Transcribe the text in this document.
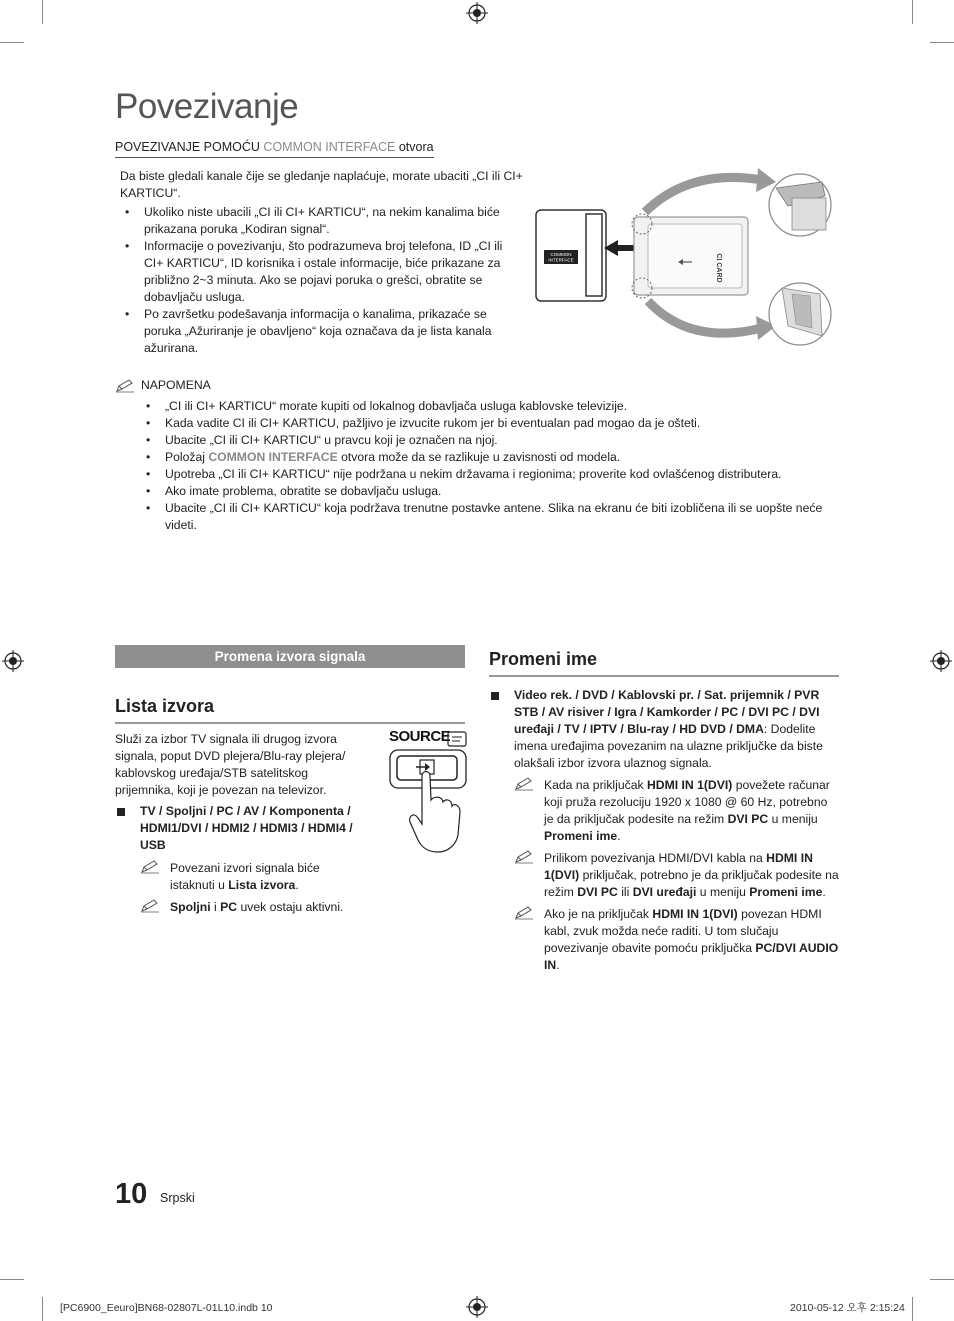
Povezivanje
POVEZIVANJE POMOĆU COMMON INTERFACE otvora

Da biste gledali kanale čije se gledanje naplaćuje, morate ubaciti „CI ili CI+ KARTICU“.

• Ukoliko niste ubacili „CI ili CI+ KARTICU“, na nekim kanalima biće prikazana poruka „Kodiran signal“.
• Informacije o povezivanju, što podrazumeva broj telefona, ID „CI ili CI+ KARTICU“, ID korisnika i ostale informacije, biće prikazane za približno 2~3 minuta. Ako se pojavi poruka o grešci, obratite se dobavljaču usluga.
• Po završetku podešavanja informacija o kanalima, prikazaće se poruka „Ažuriranje je obavljeno“ koja označava da je lista kanala ažurirana.
COMMON
INTERFACE	CI CARD
NAPOMENA
• „CI ili CI+ KARTICU“ morate kupiti od lokalnog dobavljača usluga kablovske televizije.
• Kada vadite CI ili CI+ KARTICU, pažljivo je izvucite rukom jer bi eventualan pad mogao da je ošteti.
• Ubacite „CI ili CI+ KARTICU“ u pravcu koji je označen na njoj.
• Položaj COMMON INTERFACE otvora može da se razlikuje u zavisnosti od modela.
• Upotreba „CI ili CI+ KARTICU“ nije podržana u nekim državama i regionima; proverite kod ovlašćenog distributera.
• Ako imate problema, obratite se dobavljaču usluga.
• Ubacite „CI ili CI+ KARTICU“ koja podržava trenutne postavke antene. Slika na ekranu će biti izobličena ili se uopšte neće videti.
Promena izvora signala
Lista izvora

Služi za izbor TV signala ili drugog izvora signala, poput DVD plejera/Blu-ray plejera/ kablovskog uređaja/STB satelitskog prijemnika, koji je povezan na televizor.

TV / Spoljni / PC / AV / Komponenta / HDMI1/DVI / HDMI2 / HDMI3 / HDMI4 / USB
Povezani izvori signala biće istaknuti u Lista izvora.
Spoljni i PC uvek ostaju aktivni.
SOURCE
Promeni ime
Video rek. / DVD / Kablovski pr. / Sat. prijemnik / PVR STB / AV risiver / Igra / Kamkorder / PC / DVI PC / DVI uređaji / TV / IPTV / Blu-ray / HD DVD / DMA: Dodelite imena uređajima povezanim na ulazne priključke da biste olakšali izbor izvora ulaznog signala.
Kada na priključak HDMI IN 1(DVI) povežete računar koji pruža rezoluciju 1920 x 1080 @ 60 Hz, potrebno je da priključak podesite na režim DVI PC u meniju Promeni ime.
Prilikom povezivanja HDMI/DVI kabla na HDMI IN 1(DVI) priključak, potrebno je da priključak podesite na režim DVI PC ili DVI uređaji u meniju Promeni ime.
Ako je na priključak HDMI IN 1(DVI) povezan HDMI kabl, zvuk možda neće raditi. U tom slučaju povezivanje obavite pomoću priključka PC/DVI AUDIO IN.
10 Srpski
[PC6900_Eeuro]BN68-02807L-01L10.indb 10	2010-05-12 오후 2:15:24
